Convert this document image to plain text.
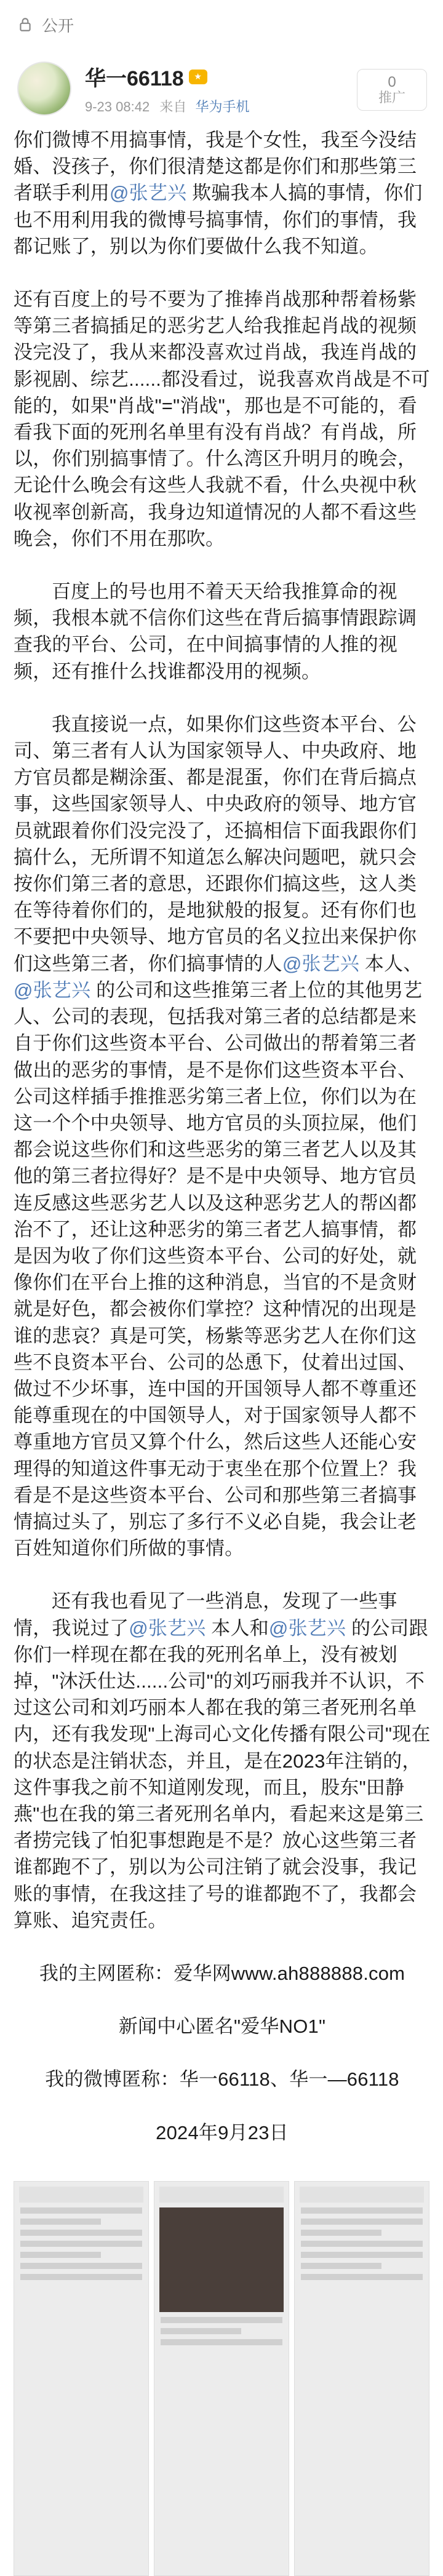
公开
华一66118	★
9-23 08:42 来自 华为手机
0
推广

你们微博不用搞事情，我是个女性，我至今没结婚、没孩子，你们很清楚这都是你们和那些第三者联手利用@张艺兴 欺骗我本人搞的事情，你们也不用利用我的微博号搞事情，你们的事情，我都记账了，别以为你们要做什么我不知道。

还有百度上的号不要为了推捧肖战那种帮着杨紫等第三者搞插足的恶劣艺人给我推起肖战的视频没完没了，我从来都没喜欢过肖战，我连肖战的影视剧、综艺......都没看过，说我喜欢肖战是不可能的，如果"肖战"="消战"，那也是不可能的，看看我下面的死刑名单里有没有肖战？有肖战，所以，你们别搞事情了。什么湾区升明月的晚会，无论什么晚会有这些人我就不看，什么央视中秋收视率创新高，我身边知道情况的人都不看这些晚会，你们不用在那吹。

百度上的号也用不着天天给我推算命的视频，我根本就不信你们这些在背后搞事情跟踪调查我的平台、公司，在中间搞事情的人推的视频，还有推什么找谁都没用的视频。

我直接说一点，如果你们这些资本平台、公司、第三者有人认为国家领导人、中央政府、地方官员都是糊涂蛋、都是混蛋，你们在背后搞点事，这些国家领导人、中央政府的领导、地方官员就跟着你们没完没了，还搞相信下面我跟你们搞什么，无所谓不知道怎么解决问题吧，就只会按你们第三者的意思，还跟你们搞这些，这人类在等待着你们的，是地狱般的报复。还有你们也不要把中央领导、地方官员的名义拉出来保护你们这些第三者，你们搞事情的人@张艺兴 本人、@张艺兴 的公司和这些推第三者上位的其他男艺人、公司的表现，包括我对第三者的总结都是来自于你们这些资本平台、公司做出的帮着第三者做出的恶劣的事情，是不是你们这些资本平台、公司这样插手推推恶劣第三者上位，你们以为在这一个个中央领导、地方官员的头顶拉屎，他们都会说这些你们和这些恶劣的第三者艺人以及其他的第三者拉得好？是不是中央领导、地方官员连反感这些恶劣艺人以及这种恶劣艺人的帮凶都治不了，还让这种恶劣的第三者艺人搞事情，都是因为收了你们这些资本平台、公司的好处，就像你们在平台上推的这种消息，当官的不是贪财就是好色，都会被你们掌控？这种情况的出现是谁的悲哀？真是可笑，杨紫等恶劣艺人在你们这些不良资本平台、公司的怂恿下，仗着出过国、做过不少坏事，连中国的开国领导人都不尊重还能尊重现在的中国领导人，对于国家领导人都不尊重地方官员又算个什么，然后这些人还能心安理得的知道这件事无动于衷坐在那个位置上？我看是不是这些资本平台、公司和那些第三者搞事情搞过头了，别忘了多行不义必自毙，我会让老百姓知道你们所做的事情。

还有我也看见了一些消息，发现了一些事情，我说过了@张艺兴 本人和@张艺兴 的公司跟你们一样现在都在我的死刑名单上，没有被划掉，"沐沃仕达......公司"的刘巧丽我并不认识，不过这公司和刘巧丽本人都在我的第三者死刑名单内，还有我发现"上海司心文化传播有限公司"现在的状态是注销状态，并且，是在2023年注销的，这件事我之前不知道刚发现，而且，股东"田静燕"也在我的第三者死刑名单内，看起来这是第三者捞完钱了怕犯事想跑是不是？放心这些第三者谁都跑不了，别以为公司注销了就会没事，我记账的事情，在我这挂了号的谁都跑不了，我都会算账、追究责任。

我的主网匿称：爱华网www.ah888888.com

新闻中心匿名"爱华NO1"

我的微博匿称：华一66118、华一—66118

2024年9月23日
